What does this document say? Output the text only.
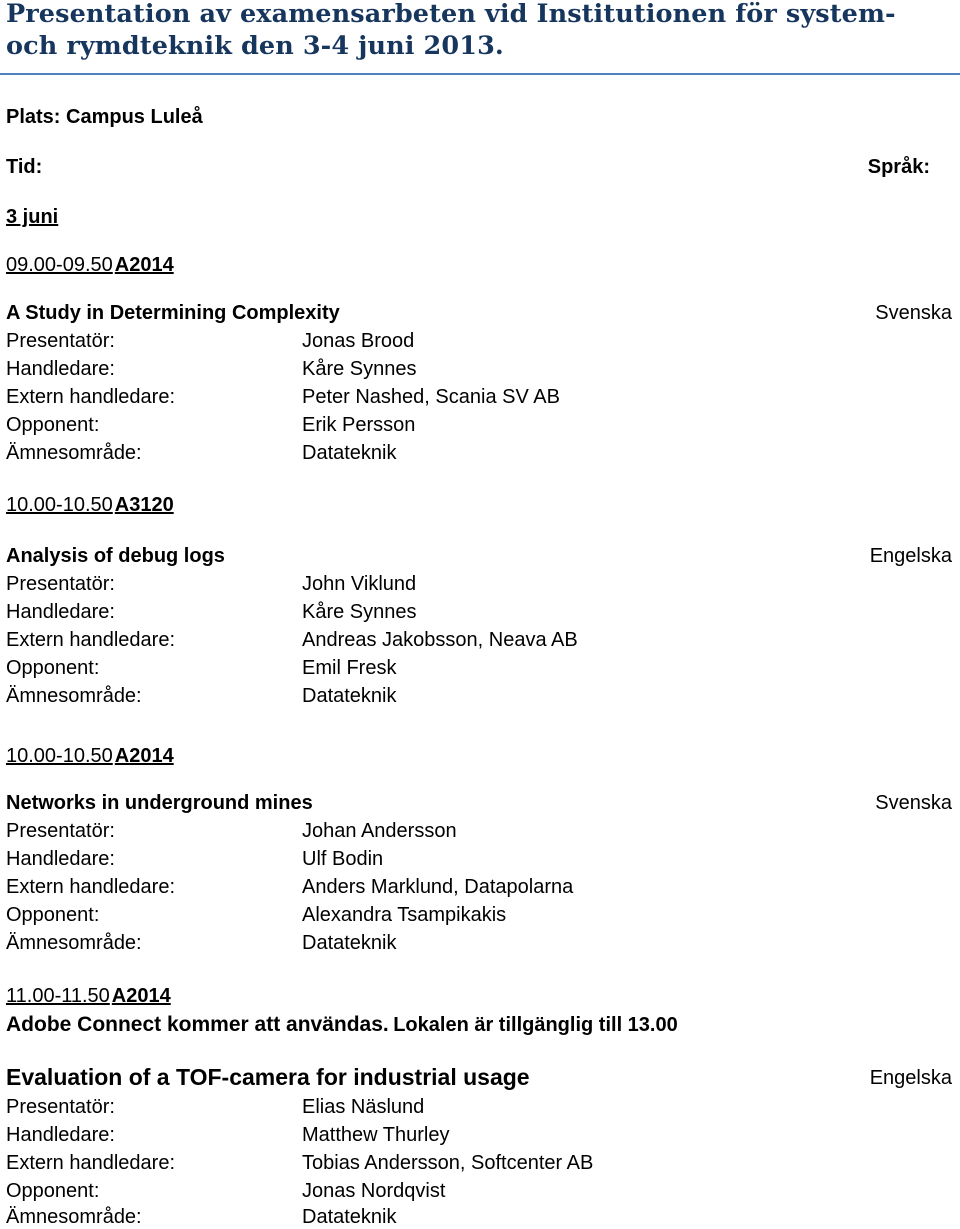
Presentation av examensarbeten vid Institutionen för system- och rymdteknik den 3-4 juni 2013.
Plats: Campus Luleå
Tid:	Språk:
3 juni
09.00-09.50 A2014
A Study in Determining Complexity	Svenska
Presentatör:	Jonas Brood
Handledare:	Kåre Synnes
Extern handledare:	Peter Nashed, Scania SV AB
Opponent:	Erik Persson
Ämnesområde:	Datateknik
10.00-10.50 A3120
Analysis of debug logs	Engelska
Presentatör:	John Viklund
Handledare:	Kåre Synnes
Extern handledare:	Andreas Jakobsson, Neava AB
Opponent:	Emil Fresk
Ämnesområde:	Datateknik
10.00-10.50 A2014
Networks in underground mines	Svenska
Presentatör:	Johan Andersson
Handledare:	Ulf Bodin
Extern handledare:	Anders Marklund, Datapolarna
Opponent:	Alexandra Tsampikakis
Ämnesområde:	Datateknik
11.00-11.50 A2014
Adobe Connect kommer att användas. Lokalen är tillgänglig till 13.00
Evaluation of a TOF-camera for industrial usage	Engelska
Presentatör:	Elias Näslund
Handledare:	Matthew Thurley
Extern handledare:	Tobias Andersson, Softcenter AB
Opponent:	Jonas Nordqvist
Ämnesområde:	Datateknik
